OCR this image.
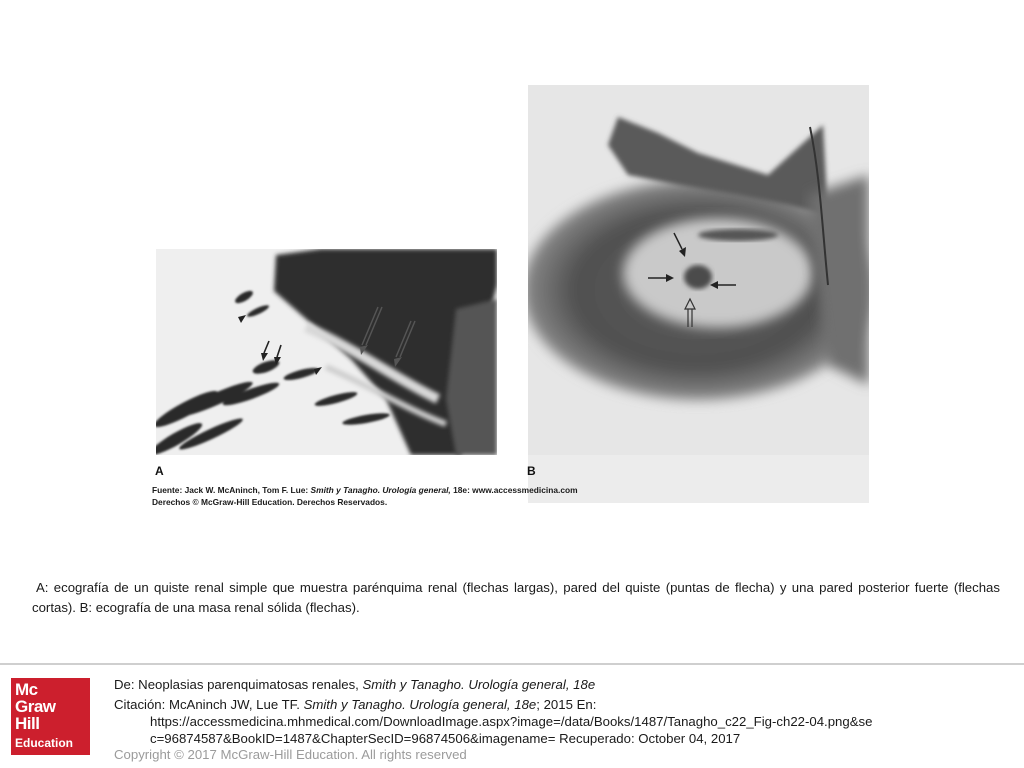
A	B
Fuente: Jack W. McAninch, Tom F. Lue: Smith y Tanagho. Urología general, 18e: www.accessmedicina.com
Derechos © McGraw-Hill Education. Derechos Reservados.
A: ecografía de un quiste renal simple que muestra parénquima renal (flechas largas), pared del quiste (puntas de flecha) y una pared posterior fuerte (flechas cortas). B: ecografía de una masa renal sólida (flechas).
Mc
Graw
Hill
Education
De: Neoplasias parenquimatosas renales, Smith y Tanagho. Urología general, 18e
Citación: McAninch JW, Lue TF. Smith y Tanagho. Urología general, 18e; 2015 En:
https://accessmedicina.mhmedical.com/DownloadImage.aspx?image=/data/Books/1487/Tanagho_c22_Fig-ch22-04.png&sec=96874587&BookID=1487&ChapterSecID=96874506&imagename= Recuperado: October 04, 2017
Copyright © 2017 McGraw-Hill Education. All rights reserved
